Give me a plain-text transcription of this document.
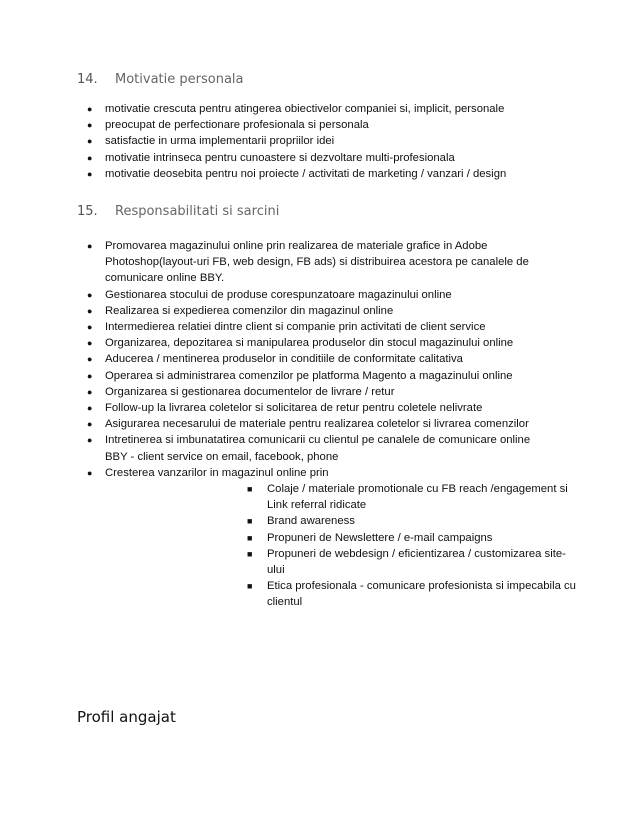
14.	Motivatie personala
● motivatie crescuta pentru atingerea obiectivelor companiei si, implicit, personale
● preocupat de perfectionare profesionala si personala
● satisfactie in urma implementarii propriilor idei
● motivatie intrinseca pentru cunoastere si dezvoltare multi-profesionala
● motivatie deosebita pentru noi proiecte / activitati de marketing / vanzari / design
15.	Responsabilitati si sarcini
● Promovarea magazinului online prin realizarea de materiale grafice in Adobe Photoshop(layout-uri FB, web design, FB ads) si distribuirea acestora pe canalele de comunicare online BBY.
● Gestionarea stocului de produse corespunzatoare magazinului online
● Realizarea si expedierea comenzilor din magazinul online
● Intermedierea relatiei dintre client si companie prin activitati de client service
● Organizarea, depozitarea si manipularea produselor din stocul magazinului online
● Aducerea / mentinerea produselor in conditiile de conformitate calitativa
● Operarea si administrarea comenzilor pe platforma Magento a magazinului online
● Organizarea si gestionarea documentelor de livrare / retur
● Follow-up la livrarea coletelor si solicitarea de retur pentru coletele nelivrate
● Asigurarea necesarului de materiale pentru realizarea coletelor si livrarea comenzilor
● Intretinerea si imbunatatirea comunicarii cu clientul pe canalele de comunicare online BBY - client service on email, facebook, phone
● Cresterea vanzarilor in magazinul online prin
■ Colaje / materiale promotionale cu FB reach /engagement si Link referral ridicate
■ Brand awareness
■ Propuneri de Newslettere / e-mail campaigns
■ Propuneri de webdesign / eficientizarea / customizarea site-ului
■ Etica profesionala - comunicare profesionista si impecabila cu clientul
Profil angajat
